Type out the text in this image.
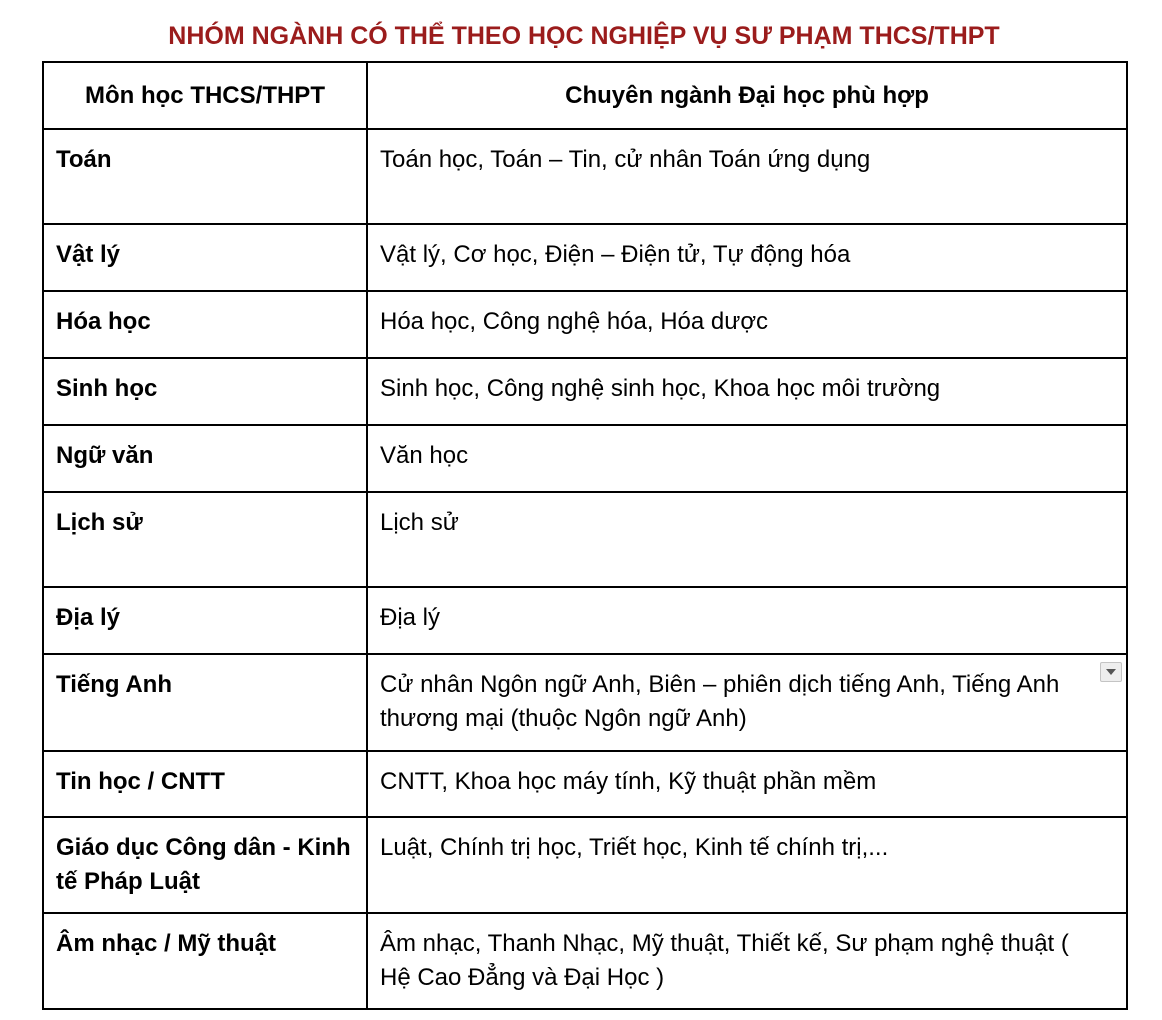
NHÓM NGÀNH CÓ THỂ THEO HỌC NGHIỆP VỤ SƯ PHẠM THCS/THPT
Môn học THCS/THPT	Chuyên ngành Đại học phù hợp

Toán	Toán học, Toán – Tin, cử nhân Toán ứng dụng

Vật lý	Vật lý, Cơ học, Điện – Điện tử, Tự động hóa

Hóa học	Hóa học, Công nghệ hóa, Hóa dược

Sinh học	Sinh học, Công nghệ sinh học, Khoa học môi trường

Ngữ văn	Văn học

Lịch sử	Lịch sử

Địa lý	Địa lý

Tiếng Anh	Cử nhân Ngôn ngữ Anh, Biên – phiên dịch tiếng Anh, Tiếng Anh thương mại (thuộc Ngôn ngữ Anh)

Tin học / CNTT	CNTT, Khoa học máy tính, Kỹ thuật phần mềm

Giáo dục Công dân - Kinh tế Pháp Luật	Luật, Chính trị học, Triết học, Kinh tế chính trị,...

Âm nhạc / Mỹ thuật	Âm nhạc, Thanh Nhạc, Mỹ thuật, Thiết kế, Sư phạm nghệ thuật ( Hệ Cao Đẳng và Đại Học )
